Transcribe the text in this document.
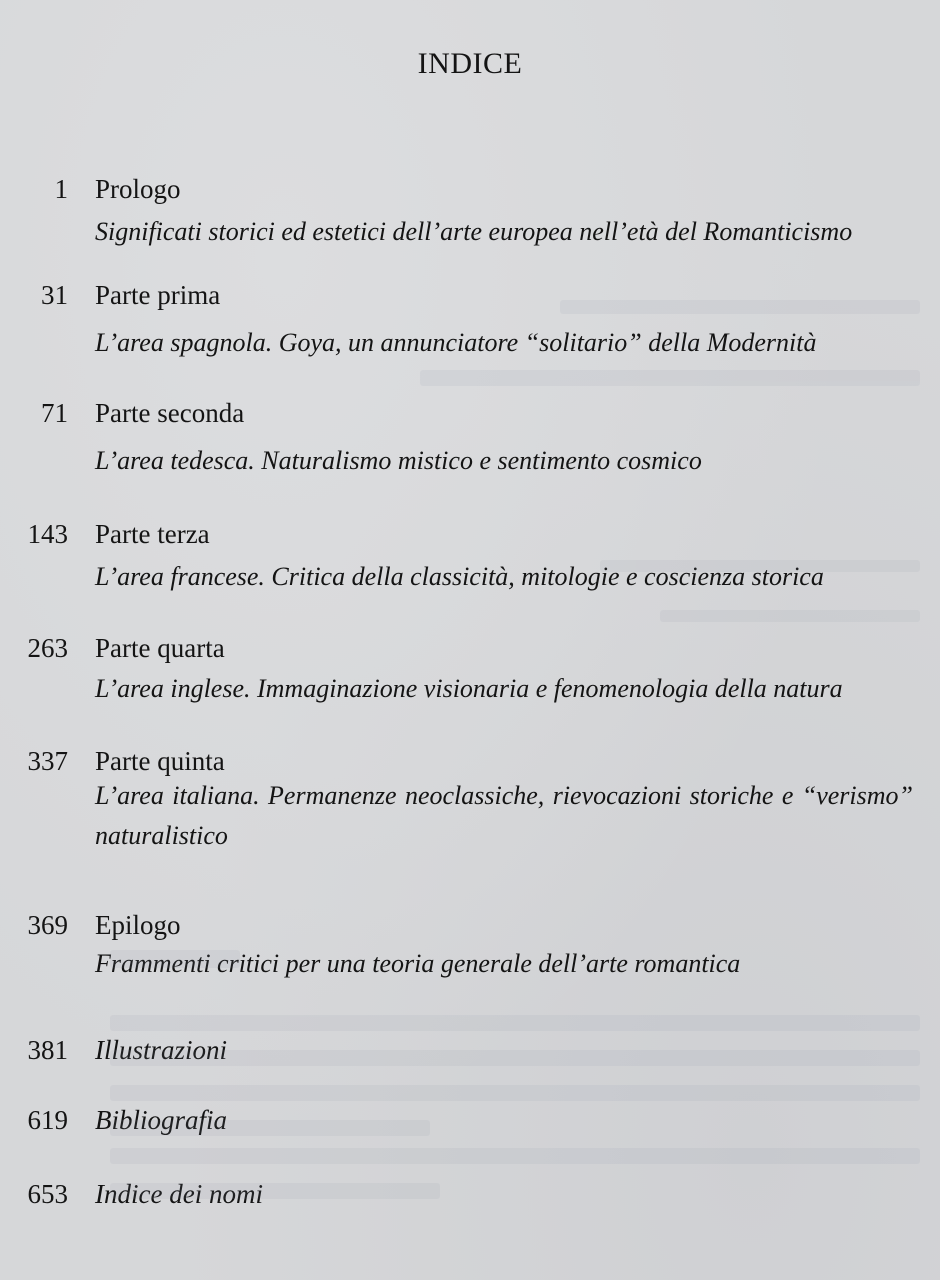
INDICE
1 Prologo
Significati storici ed estetici dell’arte europea nell’età del Romanticismo
31 Parte prima
L’area spagnola. Goya, un annunciatore “solitario” della Modernità
71 Parte seconda
L’area tedesca. Naturalismo mistico e sentimento cosmico
143 Parte terza
L’area francese. Critica della classicità, mitologie e coscienza storica
263 Parte quarta
L’area inglese. Immaginazione visionaria e fenomenologia della natura
337 Parte quinta
L’area italiana. Permanenze neoclassiche, rievocazioni storiche e “verismo” naturalistico
369 Epilogo
Frammenti critici per una teoria generale dell’arte romantica
381 Illustrazioni
619 Bibliografia
653 Indice dei nomi
